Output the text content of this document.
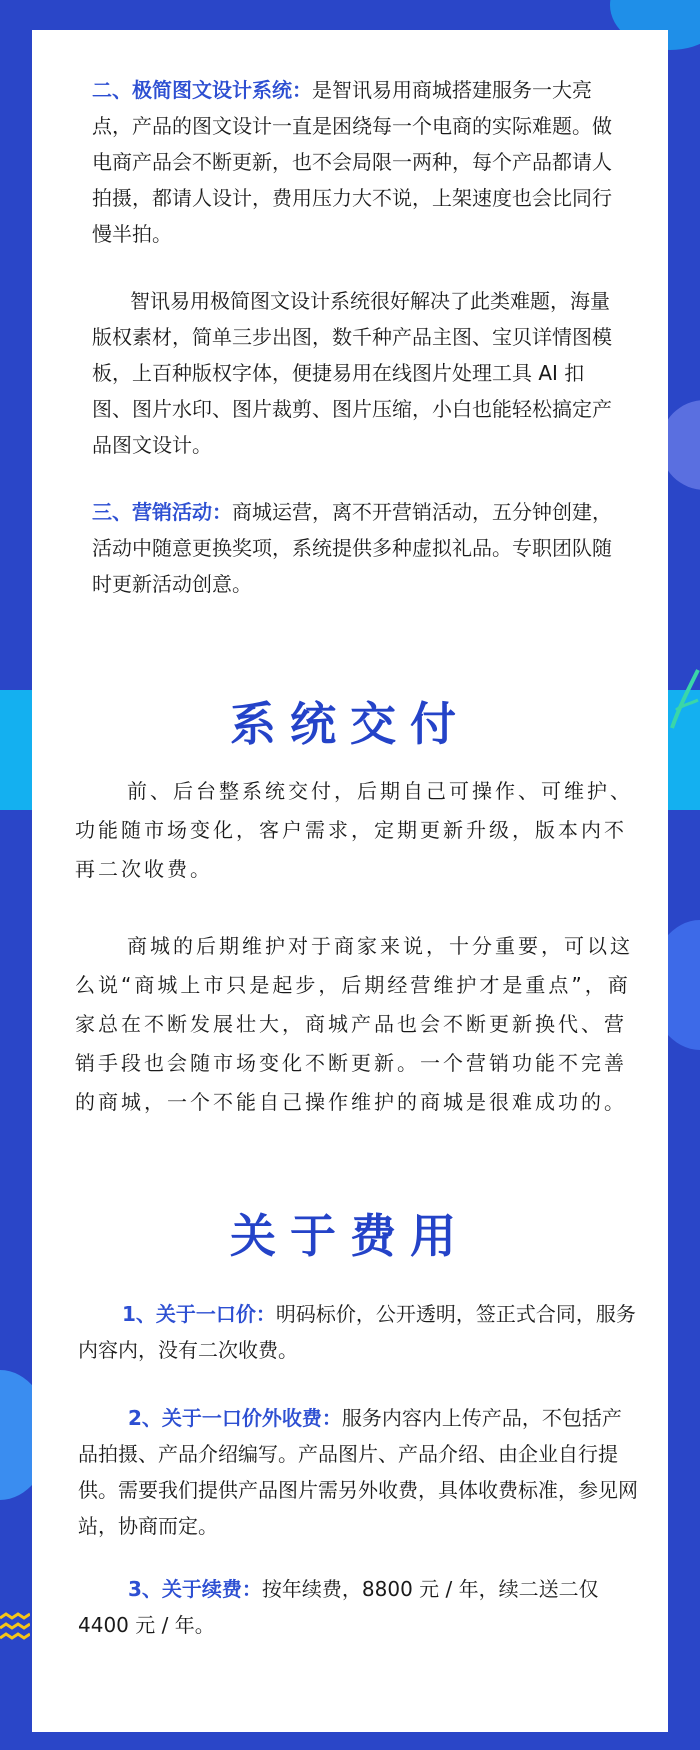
二、极简图文设计系统：是智讯易用商城搭建服务一大亮点，产品的图文设计一直是困绕每一个电商的实际难题。做电商产品会不断更新，也不会局限一两种，每个产品都请人拍摄，都请人设计，费用压力大不说，上架速度也会比同行慢半拍。

智讯易用极简图文设计系统很好解决了此类难题，海量版权素材，简单三步出图，数千种产品主图、宝贝详情图模板，上百种版权字体，便捷易用在线图片处理工具 AI 扣图、图片水印、图片裁剪、图片压缩，小白也能轻松搞定产品图文设计。

三、营销活动：商城运营，离不开营销活动，五分钟创建，活动中随意更换奖项，系统提供多种虚拟礼品。专职团队随时更新活动创意。

系统交付

前、后台整系统交付，后期自己可操作、可维护、功能随市场变化，客户需求，定期更新升级，版本内不再二次收费。

商城的后期维护对于商家来说，十分重要，可以这么说“商城上市只是起步，后期经营维护才是重点”，商家总在不断发展壮大，商城产品也会不断更新换代、营销手段也会随市场变化不断更新。一个营销功能不完善的商城，一个不能自己操作维护的商城是很难成功的。

关于费用

1、关于一口价：明码标价，公开透明，签正式合同，服务内容内，没有二次收费。

2、关于一口价外收费：服务内容内上传产品，不包括产品拍摄、产品介绍编写。产品图片、产品介绍、由企业自行提供。需要我们提供产品图片需另外收费，具体收费标准，参见网站，协商而定。

3、关于续费：按年续费，8800 元 / 年，续二送二仅4400 元 / 年。
